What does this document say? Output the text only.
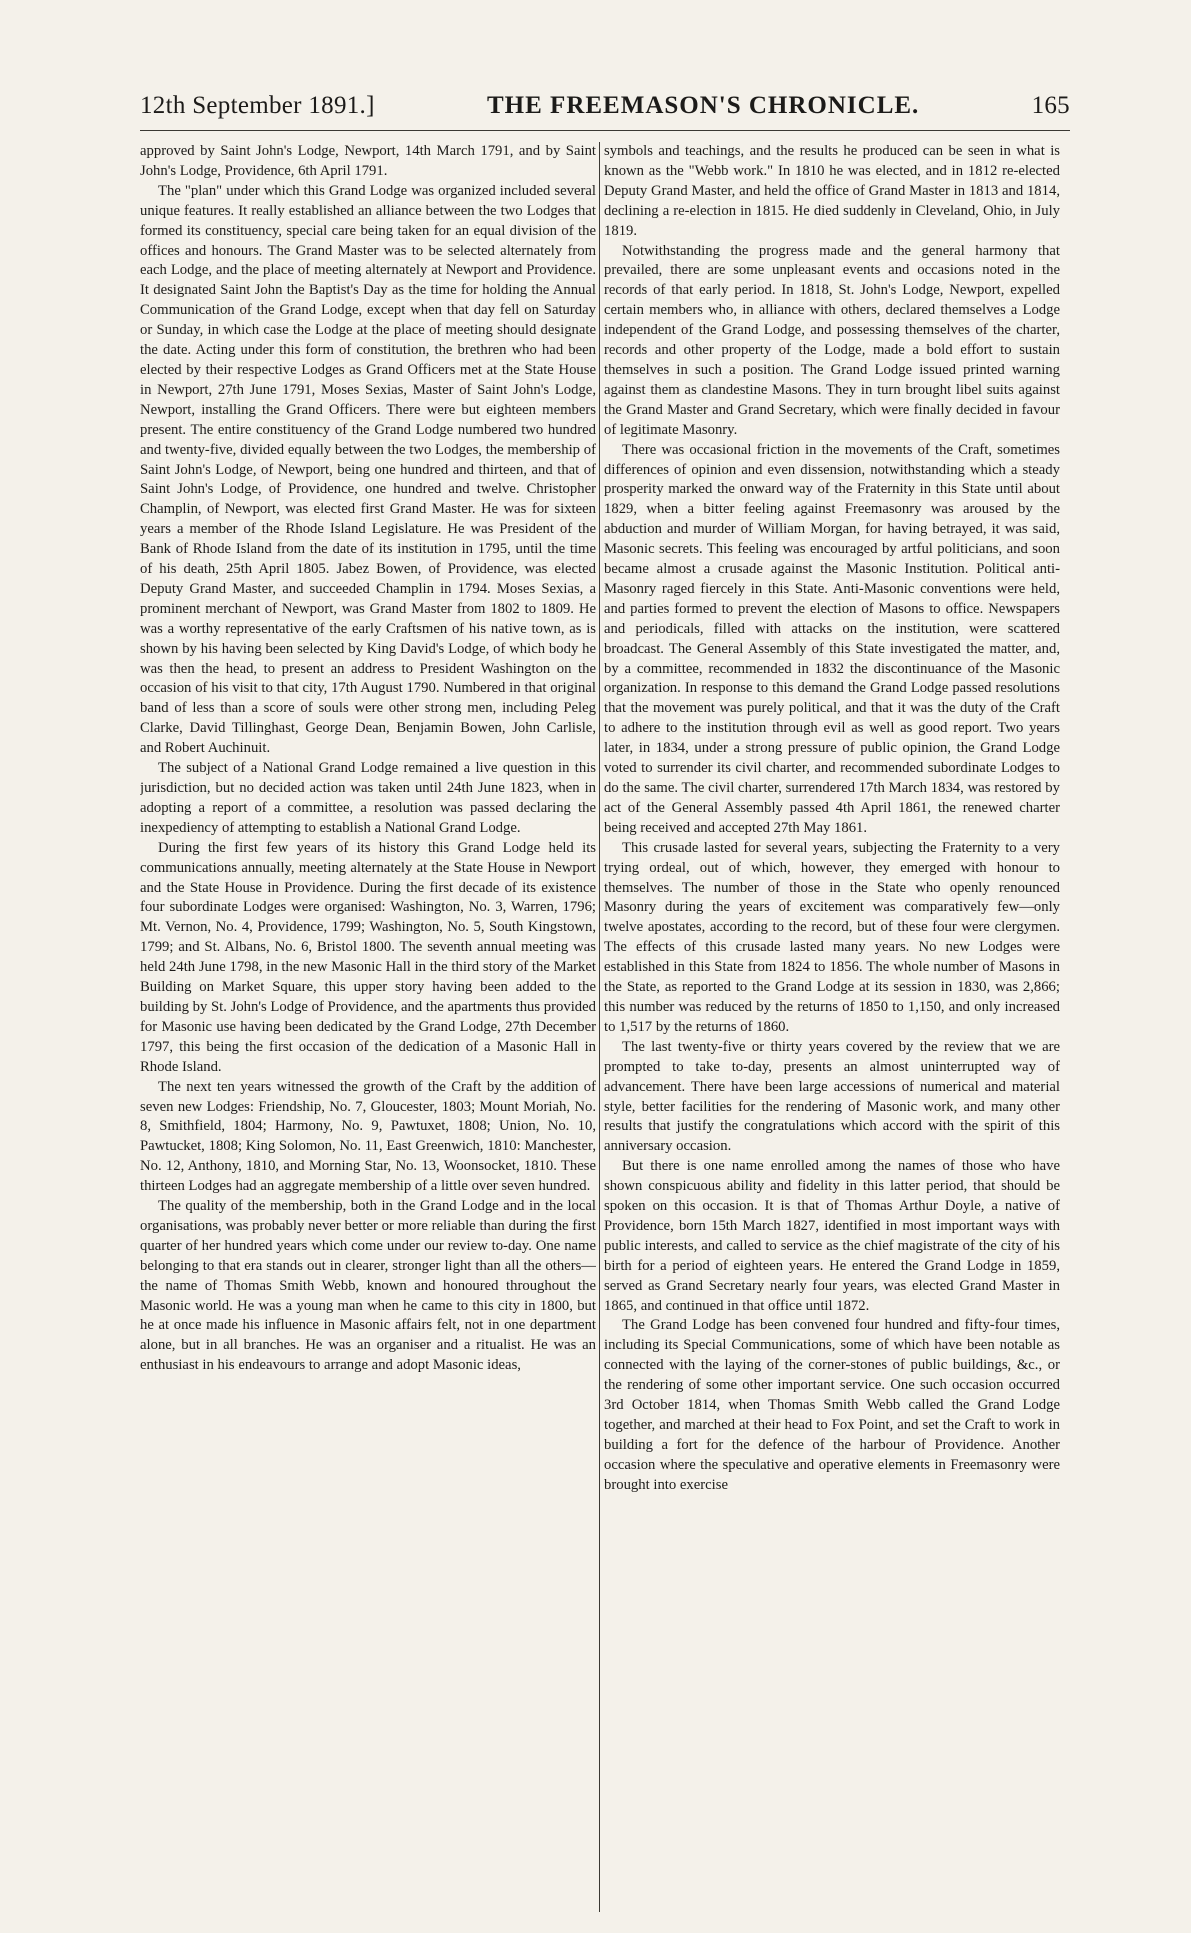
12th September 1891.]	THE FREEMASON'S CHRONICLE.	165

approved by Saint John's Lodge, Newport, 14th March 1791, and by Saint John's Lodge, Providence, 6th April 1791.

The "plan" under which this Grand Lodge was organized included several unique features. It really established an alliance between the two Lodges that formed its constituency, special care being taken for an equal division of the offices and honours. The Grand Master was to be selected alternately from each Lodge, and the place of meeting alternately at Newport and Providence. It designated Saint John the Baptist's Day as the time for holding the Annual Communication of the Grand Lodge, except when that day fell on Saturday or Sunday, in which case the Lodge at the place of meeting should designate the date. Acting under this form of constitution, the brethren who had been elected by their respective Lodges as Grand Officers met at the State House in Newport, 27th June 1791, Moses Sexias, Master of Saint John's Lodge, Newport, installing the Grand Officers. There were but eighteen members present. The entire constituency of the Grand Lodge numbered two hundred and twenty-five, divided equally between the two Lodges, the membership of Saint John's Lodge, of Newport, being one hundred and thirteen, and that of Saint John's Lodge, of Providence, one hundred and twelve. Christopher Champlin, of Newport, was elected first Grand Master. He was for sixteen years a member of the Rhode Island Legislature. He was President of the Bank of Rhode Island from the date of its institution in 1795, until the time of his death, 25th April 1805. Jabez Bowen, of Providence, was elected Deputy Grand Master, and succeeded Champlin in 1794. Moses Sexias, a prominent merchant of Newport, was Grand Master from 1802 to 1809. He was a worthy representative of the early Craftsmen of his native town, as is shown by his having been selected by King David's Lodge, of which body he was then the head, to present an address to President Washington on the occasion of his visit to that city, 17th August 1790. Numbered in that original band of less than a score of souls were other strong men, including Peleg Clarke, David Tillinghast, George Dean, Benjamin Bowen, John Carlisle, and Robert Auchinuit.

The subject of a National Grand Lodge remained a live question in this jurisdiction, but no decided action was taken until 24th June 1823, when in adopting a report of a committee, a resolution was passed declaring the inexpediency of attempting to establish a National Grand Lodge.

During the first few years of its history this Grand Lodge held its communications annually, meeting alternately at the State House in Newport and the State House in Providence. During the first decade of its existence four subordinate Lodges were organised: Washington, No. 3, Warren, 1796; Mt. Vernon, No. 4, Providence, 1799; Washington, No. 5, South Kingstown, 1799; and St. Albans, No. 6, Bristol 1800. The seventh annual meeting was held 24th June 1798, in the new Masonic Hall in the third story of the Market Building on Market Square, this upper story having been added to the building by St. John's Lodge of Providence, and the apartments thus provided for Masonic use having been dedicated by the Grand Lodge, 27th December 1797, this being the first occasion of the dedication of a Masonic Hall in Rhode Island.

The next ten years witnessed the growth of the Craft by the addition of seven new Lodges: Friendship, No. 7, Gloucester, 1803; Mount Moriah, No. 8, Smithfield, 1804; Harmony, No. 9, Pawtuxet, 1808; Union, No. 10, Pawtucket, 1808; King Solomon, No. 11, East Greenwich, 1810: Manchester, No. 12, Anthony, 1810, and Morning Star, No. 13, Woonsocket, 1810. These thirteen Lodges had an aggregate membership of a little over seven hundred.

The quality of the membership, both in the Grand Lodge and in the local organisations, was probably never better or more reliable than during the first quarter of her hundred years which come under our review to-day. One name belonging to that era stands out in clearer, stronger light than all the others—the name of Thomas Smith Webb, known and honoured throughout the Masonic world. He was a young man when he came to this city in 1800, but he at once made his influence in Masonic affairs felt, not in one department alone, but in all branches. He was an organiser and a ritualist. He was an enthusiast in his endeavours to arrange and adopt Masonic ideas,

symbols and teachings, and the results he produced can be seen in what is known as the "Webb work." In 1810 he was elected, and in 1812 re-elected Deputy Grand Master, and held the office of Grand Master in 1813 and 1814, declining a re-election in 1815. He died suddenly in Cleveland, Ohio, in July 1819.

Notwithstanding the progress made and the general harmony that prevailed, there are some unpleasant events and occasions noted in the records of that early period. In 1818, St. John's Lodge, Newport, expelled certain members who, in alliance with others, declared themselves a Lodge independent of the Grand Lodge, and possessing themselves of the charter, records and other property of the Lodge, made a bold effort to sustain themselves in such a position. The Grand Lodge issued printed warning against them as clandestine Masons. They in turn brought libel suits against the Grand Master and Grand Secretary, which were finally decided in favour of legitimate Masonry.

There was occasional friction in the movements of the Craft, sometimes differences of opinion and even dissension, notwithstanding which a steady prosperity marked the onward way of the Fraternity in this State until about 1829, when a bitter feeling against Freemasonry was aroused by the abduction and murder of William Morgan, for having betrayed, it was said, Masonic secrets. This feeling was encouraged by artful politicians, and soon became almost a crusade against the Masonic Institution. Political anti-Masonry raged fiercely in this State. Anti-Masonic conventions were held, and parties formed to prevent the election of Masons to office. Newspapers and periodicals, filled with attacks on the institution, were scattered broadcast. The General Assembly of this State investigated the matter, and, by a committee, recommended in 1832 the discontinuance of the Masonic organization. In response to this demand the Grand Lodge passed resolutions that the movement was purely political, and that it was the duty of the Craft to adhere to the institution through evil as well as good report. Two years later, in 1834, under a strong pressure of public opinion, the Grand Lodge voted to surrender its civil charter, and recommended subordinate Lodges to do the same. The civil charter, surrendered 17th March 1834, was restored by act of the General Assembly passed 4th April 1861, the renewed charter being received and accepted 27th May 1861.

This crusade lasted for several years, subjecting the Fraternity to a very trying ordeal, out of which, however, they emerged with honour to themselves. The number of those in the State who openly renounced Masonry during the years of excitement was comparatively few—only twelve apostates, according to the record, but of these four were clergymen. The effects of this crusade lasted many years. No new Lodges were established in this State from 1824 to 1856. The whole number of Masons in the State, as reported to the Grand Lodge at its session in 1830, was 2,866; this number was reduced by the returns of 1850 to 1,150, and only increased to 1,517 by the returns of 1860.

The last twenty-five or thirty years covered by the review that we are prompted to take to-day, presents an almost uninterrupted way of advancement. There have been large accessions of numerical and material style, better facilities for the rendering of Masonic work, and many other results that justify the congratulations which accord with the spirit of this anniversary occasion.

But there is one name enrolled among the names of those who have shown conspicuous ability and fidelity in this latter period, that should be spoken on this occasion. It is that of Thomas Arthur Doyle, a native of Providence, born 15th March 1827, identified in most important ways with public interests, and called to service as the chief magistrate of the city of his birth for a period of eighteen years. He entered the Grand Lodge in 1859, served as Grand Secretary nearly four years, was elected Grand Master in 1865, and continued in that office until 1872.

The Grand Lodge has been convened four hundred and fifty-four times, including its Special Communications, some of which have been notable as connected with the laying of the corner-stones of public buildings, &c., or the rendering of some other important service. One such occasion occurred 3rd October 1814, when Thomas Smith Webb called the Grand Lodge together, and marched at their head to Fox Point, and set the Craft to work in building a fort for the defence of the harbour of Providence. Another occasion where the speculative and operative elements in Freemasonry were brought into exercise
